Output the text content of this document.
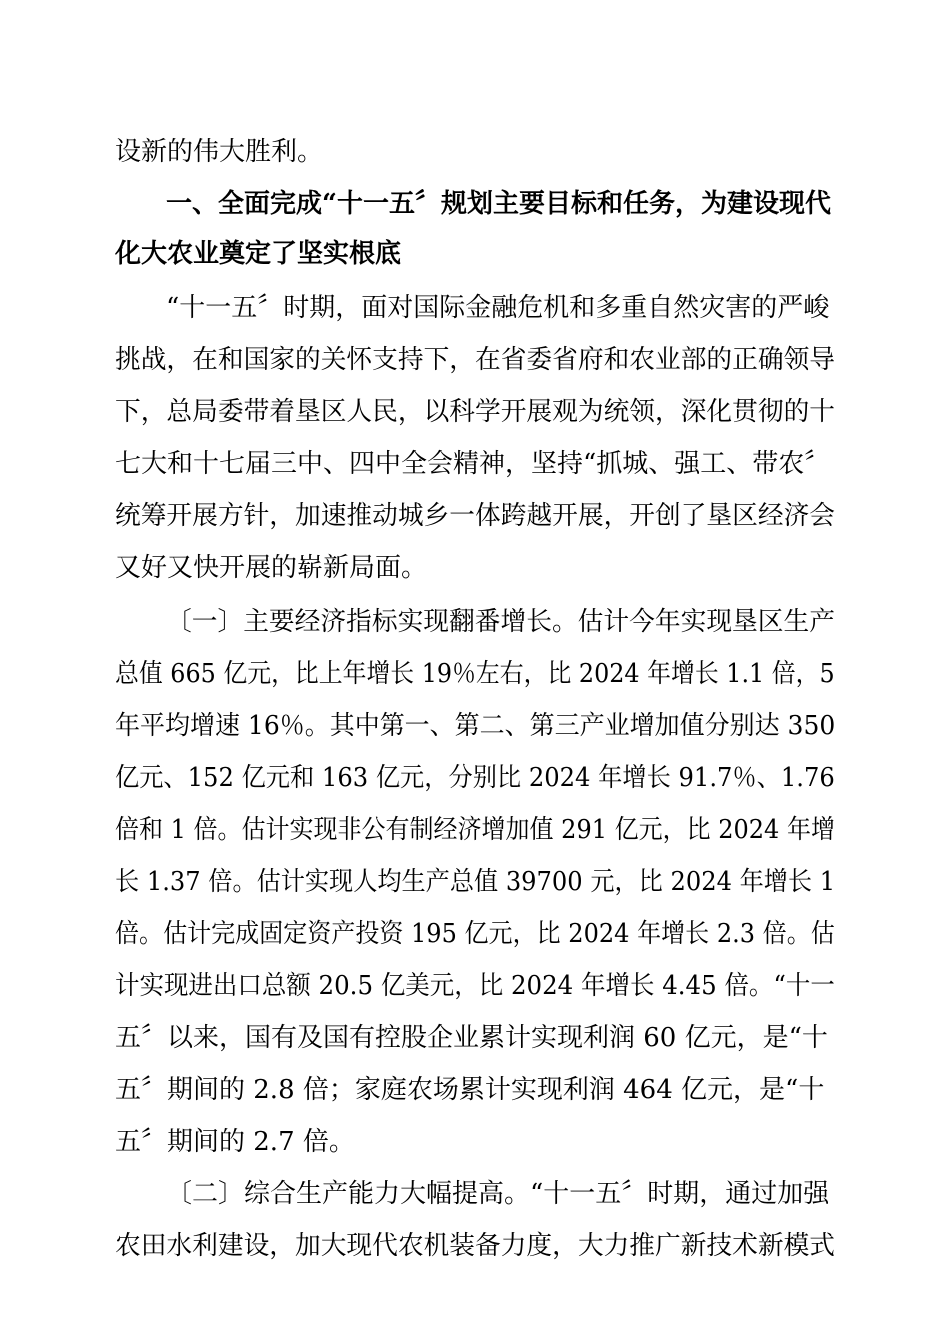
设新的伟大胜利。
一、全面完成“十一五〞规划主要目标和任务，为建设现代
化大农业奠定了坚实根底
“十一五〞时期，面对国际金融危机和多重自然灾害的严峻
挑战，在和国家的关怀支持下，在省委省府和农业部的正确领导
下，总局委带着垦区人民，以科学开展观为统领，深化贯彻的十
七大和十七届三中、四中全会精神，坚持“抓城、强工、带农〞
统筹开展方针，加速推动城乡一体跨越开展，开创了垦区经济会
又好又快开展的崭新局面。
〔一〕主要经济指标实现翻番增长。估计今年实现垦区生产
总值 665 亿元，比上年增长 19％左右，比 2024 年增长 1.1 倍，5
年平均增速 16％。其中第一、第二、第三产业增加值分别达 350
亿元、152 亿元和 163 亿元，分别比 2024 年增长 91.7％、1.76
倍和 1 倍。估计实现非公有制经济增加值 291 亿元，比 2024 年增
长 1.37 倍。估计实现人均生产总值 39700 元，比 2024 年增长 1
倍。估计完成固定资产投资 195 亿元，比 2024 年增长 2.3 倍。估
计实现进出口总额 20.5 亿美元，比 2024 年增长 4.45 倍。“十一
五〞以来，国有及国有控股企业累计实现利润 60 亿元，是“十
五〞期间的 2.8 倍；家庭农场累计实现利润 464 亿元，是“十
五〞期间的 2.7 倍。
〔二〕综合生产能力大幅提高。“十一五〞时期，通过加强
农田水利建设，加大现代农机装备力度，大力推广新技术新模式
